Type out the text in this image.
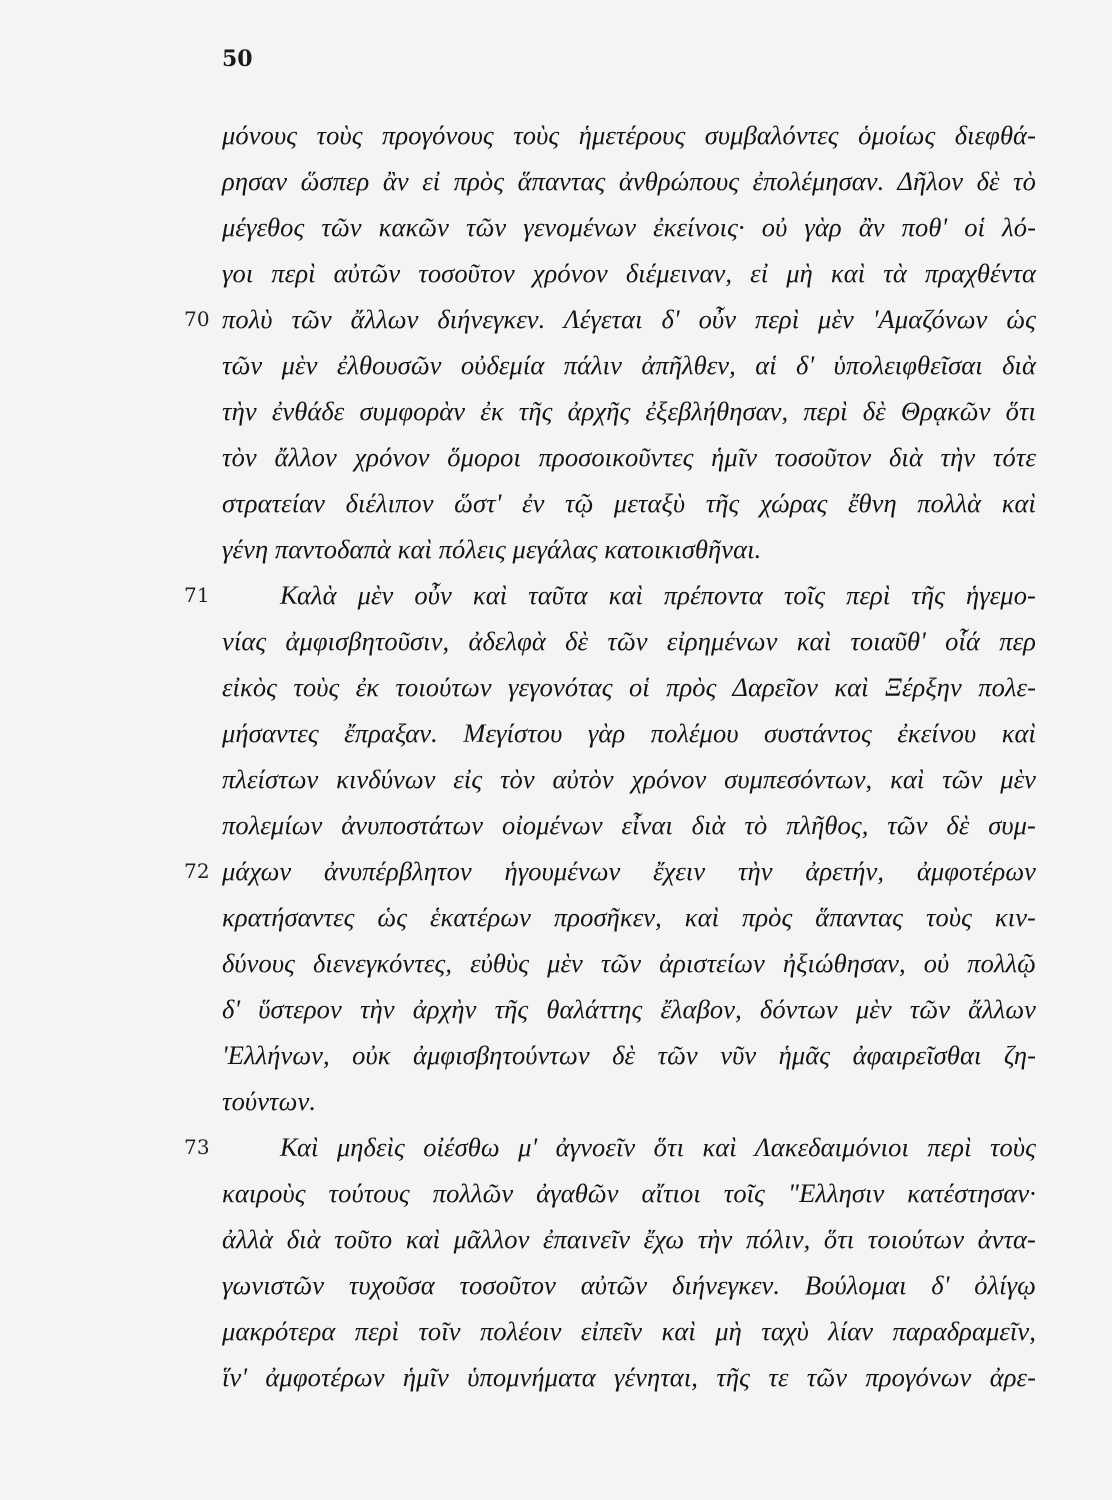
50
μόνους τοὺς προγόνους τοὺς ἡμετέρους συμβαλόντες ὁμοίως διεφθά-
ρησαν ὥσπερ ἂν εἰ πρὸς ἅπαντας ἀνθρώπους ἐπολέμησαν. Δῆλον δὲ τὸ
μέγεθος τῶν κακῶν τῶν γενομένων ἐκείνοις· οὐ γὰρ ἂν ποθ' οἱ λό-
γοι περὶ αὐτῶν τοσοῦτον χρόνον διέμειναν, εἰ μὴ καὶ τὰ πραχθέντα
70 πολὺ τῶν ἄλλων διήνεγκεν. Λέγεται δ' οὖν περὶ μὲν 'Αμαζόνων ὡς
τῶν μὲν ἐλθουσῶν οὐδεμία πάλιν ἀπῆλθεν, αἱ δ' ὑπολειφθεῖσαι διὰ
τὴν ἐνθάδε συμφορὰν ἐκ τῆς ἀρχῆς ἐξεβλήθησαν, περὶ δὲ Θρᾳκῶν ὅτι
τὸν ἄλλον χρόνον ὅμοροι προσοικοῦντες ἡμῖν τοσοῦτον διὰ τὴν τότε
στρατείαν διέλιπον ὥστ' ἐν τῷ μεταξὺ τῆς χώρας ἔθνη πολλὰ καὶ
γένη παντοδαπὰ καὶ πόλεις μεγάλας κατοικισθῆναι.
71	Καλὰ μὲν οὖν καὶ ταῦτα καὶ πρέποντα τοῖς περὶ τῆς ἡγεμο-
νίας ἀμφισβητοῦσιν, ἀδελφὰ δὲ τῶν εἰρημένων καὶ τοιαῦθ' οἷά περ
εἰκὸς τοὺς ἐκ τοιούτων γεγονότας οἱ πρὸς Δαρεῖον καὶ Ξέρξην πολε-
μήσαντες ἔπραξαν. Μεγίστου γὰρ πολέμου συστάντος ἐκείνου καὶ
πλείστων κινδύνων εἰς τὸν αὐτὸν χρόνον συμπεσόντων, καὶ τῶν μὲν
πολεμίων ἀνυποστάτων οἰομένων εἶναι διὰ τὸ πλῆθος, τῶν δὲ συμ-
72 μάχων ἀνυπέρβλητον ἡγουμένων ἔχειν τὴν ἀρετήν, ἀμφοτέρων
κρατήσαντες ὡς ἑκατέρων προσῆκεν, καὶ πρὸς ἅπαντας τοὺς κιν-
δύνους διενεγκόντες, εὐθὺς μὲν τῶν ἀριστείων ἠξιώθησαν, οὐ πολλῷ
δ' ὕστερον τὴν ἀρχὴν τῆς θαλάττης ἔλαβον, δόντων μὲν τῶν ἄλλων
'Ελλήνων, οὐκ ἀμφισβητούντων δὲ τῶν νῦν ἡμᾶς ἀφαιρεῖσθαι ζη-
τούντων.
73	Καὶ μηδεὶς οἰέσθω μ' ἀγνοεῖν ὅτι καὶ Λακεδαιμόνιοι περὶ τοὺς
καιροὺς τούτους πολλῶν ἀγαθῶν αἴτιοι τοῖς "Ελλησιν κατέστησαν·
ἀλλὰ διὰ τοῦτο καὶ μᾶλλον ἐπαινεῖν ἔχω τὴν πόλιν, ὅτι τοιούτων ἀντα-
γωνιστῶν τυχοῦσα τοσοῦτον αὐτῶν διήνεγκεν. Βούλομαι δ' ὀλίγῳ
μακρότερα περὶ τοῖν πολέοιν εἰπεῖν καὶ μὴ ταχὺ λίαν παραδραμεῖν,
ἵν' ἀμφοτέρων ἡμῖν ὑπομνήματα γένηται, τῆς τε τῶν προγόνων ἀρε-
